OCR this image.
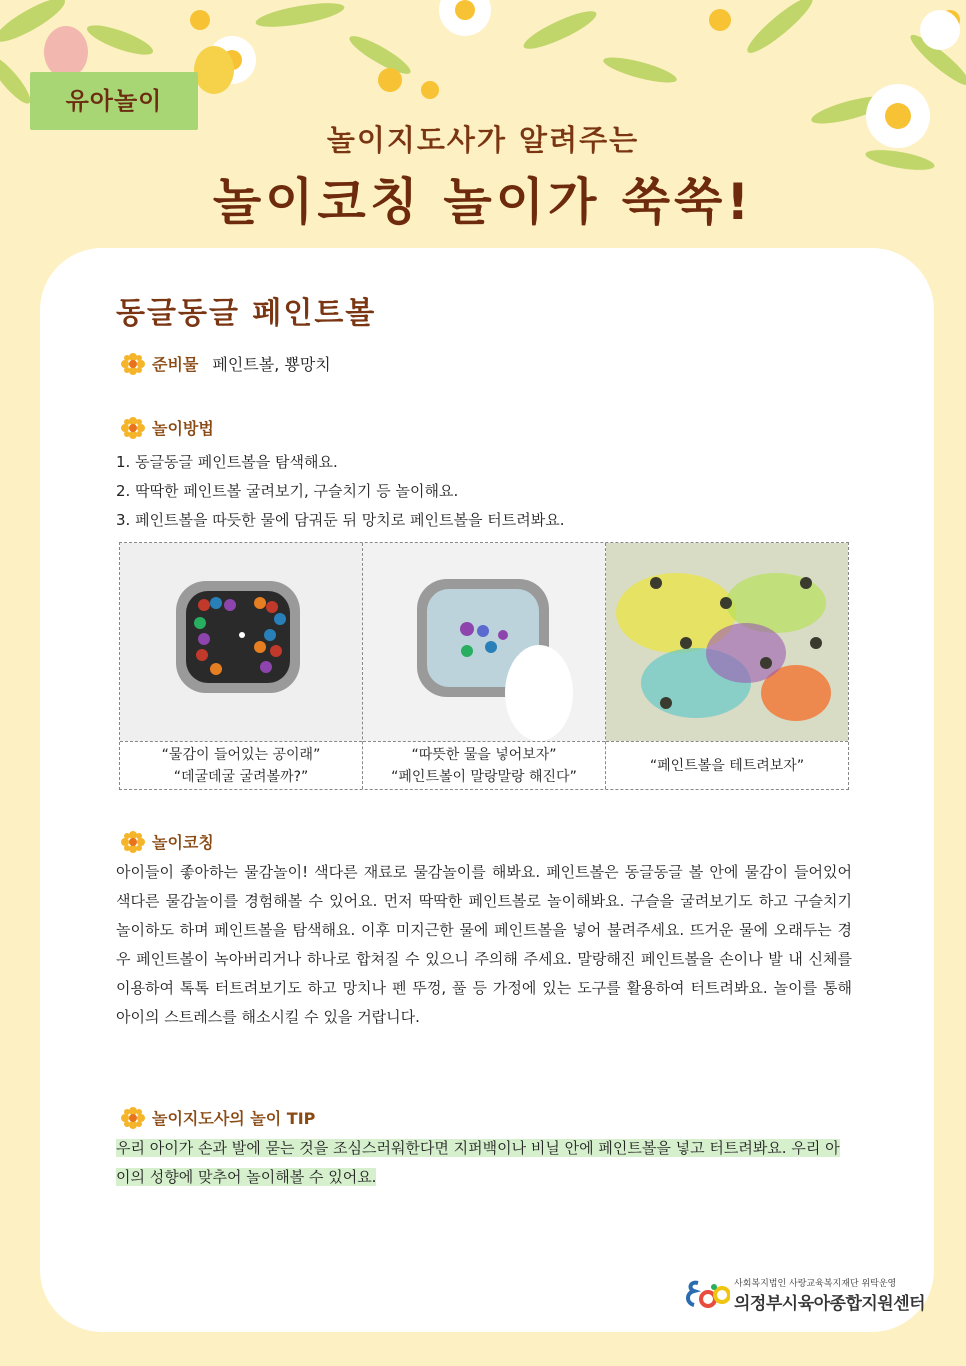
유아놀이
놀이지도사가 알려주는
놀이코칭 놀이가 쑥쑥!
동글동글 페인트볼
준비물 페인트볼, 뿅망치
놀이방법
1. 동글동글 페인트볼을 탐색해요.
2. 딱딱한 페인트볼 굴려보기, 구슬치기 등 놀이해요.
3. 페인트볼을 따듯한 물에 담궈둔 뒤 망치로 페인트볼을 터트려봐요.
“물감이 들어있는 공이래”
“데굴데굴 굴려볼까?”
“따뜻한 물을 넣어보자”
“페인트볼이 말랑말랑 해진다”
“페인트볼을 테트려보자”
놀이코칭
아이들이 좋아하는 물감놀이! 색다른 재료로 물감놀이를 해봐요. 페인트볼은 동글동글 볼 안에 물감이 들어있어 색다른 물감놀이를 경험해볼 수 있어요. 먼저 딱딱한 페인트볼로 놀이해봐요. 구슬을 굴려보기도 하고 구슬치기 놀이하도 하며 페인트볼을 탐색해요. 이후 미지근한 물에 페인트볼을 넣어 불려주세요. 뜨거운 물에 오래두는 경우 페인트볼이 녹아버리거나 하나로 합쳐질 수 있으니 주의해 주세요. 말랑해진 페인트볼을 손이나 발 내 신체를 이용하여 톡톡 터트려보기도 하고 망치나 펜 뚜껑, 풀 등 가정에 있는 도구를 활용하여 터트려봐요. 놀이를 통해 아이의 스트레스를 해소시킬 수 있을 거랍니다.
놀이지도사의 놀이 TIP
우리 아이가 손과 발에 묻는 것을 조심스러워한다면 지퍼백이나 비닐 안에 페인트볼을 넣고 터트려봐요. 우리 아이의 성향에 맞추어 놀이해볼 수 있어요.
사회복지법인 사랑교육복지재단 위탁운영
의정부시육아종합지원센터
